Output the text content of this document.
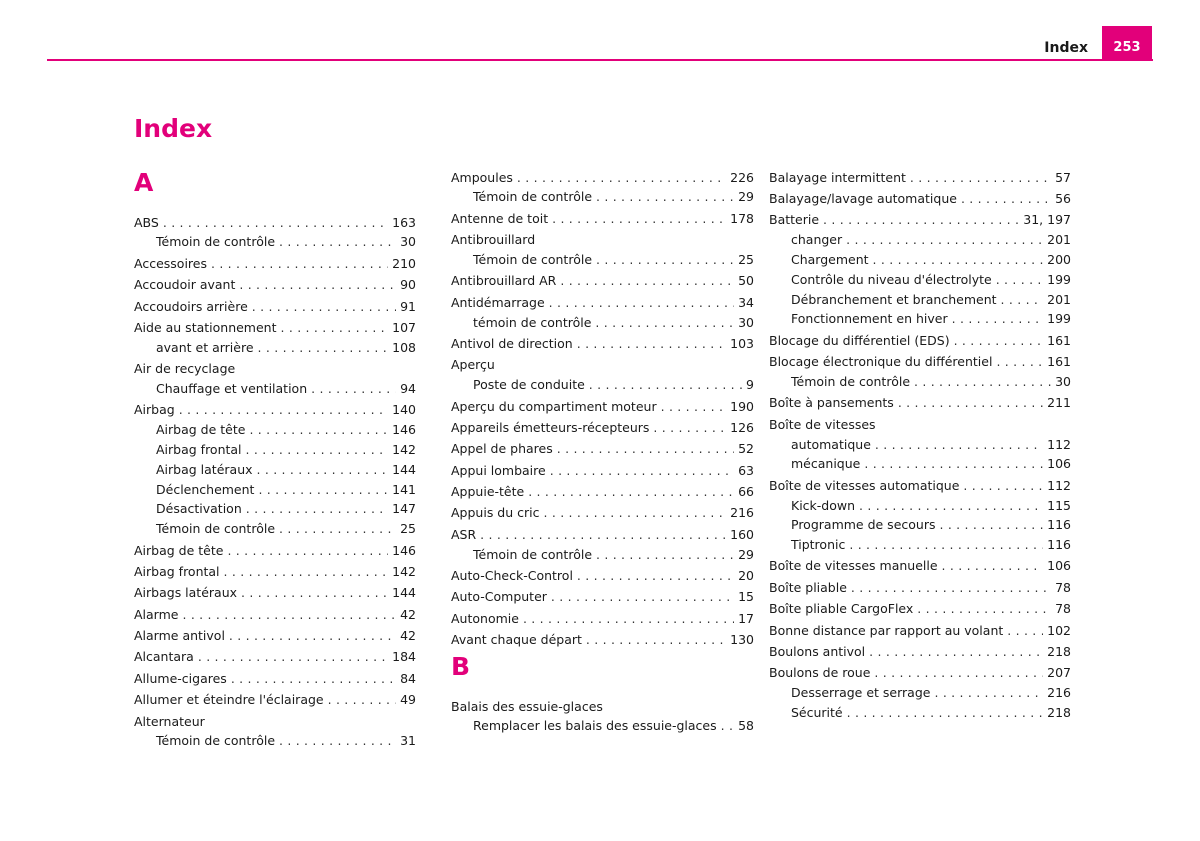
Index	253
Index
A
ABS . . .	163
Témoin de contrôle . . .	30
Accessoires . . .	210
Accoudoir avant . . .	90
Accoudoirs arrière . . .	91
Aide au stationnement . . .	107
avant et arrière . . .	108
Air de recyclage
Chauffage et ventilation . . .	94
Airbag . . .	140
Airbag de tête . . .	146
Airbag frontal . . .	142
Airbag latéraux . . .	144
Déclenchement . . .	141
Désactivation . . .	147
Témoin de contrôle . . .	25
Airbag de tête . . .	146
Airbag frontal . . .	142
Airbags latéraux . . .	144
Alarme . . .	42
Alarme antivol . . .	42
Alcantara . . .	184
Allume-cigares . . .	84
Allumer et éteindre l'éclairage . . .	49
Alternateur
Témoin de contrôle . . .	31
Ampoules . . .	226
Témoin de contrôle . . .	29
Antenne de toit . . .	178
Antibrouillard
Témoin de contrôle . . .	25
Antibrouillard AR . . .	50
Antidémarrage . . .	34
témoin de contrôle . . .	30
Antivol de direction . . .	103
Aperçu
Poste de conduite . . .	9
Aperçu du compartiment moteur . . .	190
Appareils émetteurs-récepteurs . . .	126
Appel de phares . . .	52
Appui lombaire . . .	63
Appuie-tête . . .	66
Appuis du cric . . .	216
ASR . . .	160
Témoin de contrôle . . .	29
Auto-Check-Control . . .	20
Auto-Computer . . .	15
Autonomie . . .	17
Avant chaque départ . . .	130
B
Balais des essuie-glaces
Remplacer les balais des essuie-glaces . . . 58
Balayage intermittent . . .	57
Balayage/lavage automatique . . .	56
Batterie . . .	31, 197
changer . . .	201
Chargement . . .	200
Contrôle du niveau d'électrolyte . . .	199
Débranchement et branchement . . .	201
Fonctionnement en hiver . . .	199
Blocage du différentiel (EDS) . . .	161
Blocage électronique du différentiel . . .	161
Témoin de contrôle . . .	30
Boîte à pansements . . .	211
Boîte de vitesses
automatique . . .	112
mécanique . . .	106
Boîte de vitesses automatique . . .	112
Kick-down . . .	115
Programme de secours . . .	116
Tiptronic . . .	116
Boîte de vitesses manuelle . . .	106
Boîte pliable . . .	78
Boîte pliable CargoFlex . . .	78
Bonne distance par rapport au volant . . .	102
Boulons antivol . . .	218
Boulons de roue . . .	207
Desserrage et serrage . . .	216
Sécurité . . .	218
